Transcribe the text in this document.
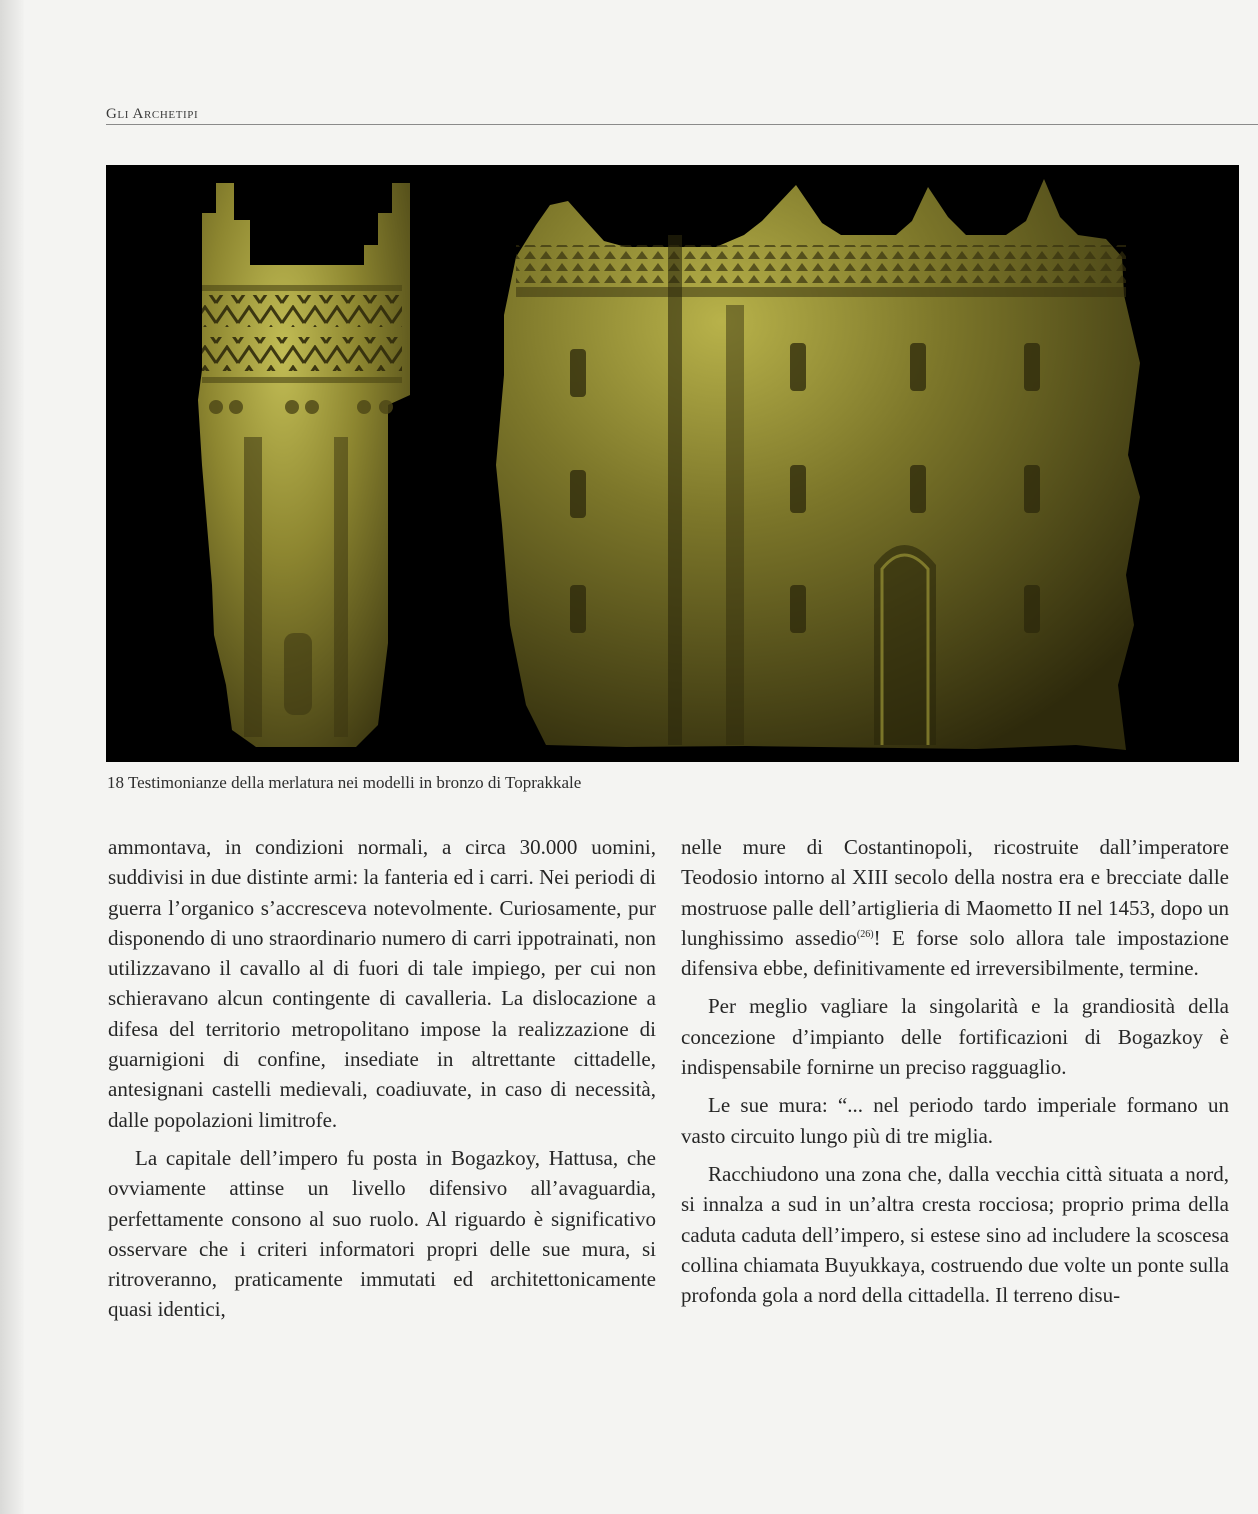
Gli Archetipi
18 Testimonianze della merlatura nei modelli in bronzo di Toprakkale

ammontava, in condizioni normali, a circa 30.000 uomini, suddivisi in due distinte armi: la fanteria ed i carri. Nei periodi di guerra l’organico s’accresceva notevolmente. Curiosamente, pur disponendo di uno straordinario numero di carri ippotrainati, non utilizzavano il cavallo al di fuori di tale impiego, per cui non schieravano alcun contingente di cavalleria. La dislocazione a difesa del territorio metropolitano impose la realizzazione di guarnigioni di confine, insediate in altrettante cittadelle, antesignani castelli medievali, coadiuvate, in caso di necessità, dalle popolazioni limitrofe.

La capitale dell’impero fu posta in Bogazkoy, Hattusa, che ovviamente attinse un livello difensivo all’avaguardia, perfettamente consono al suo ruolo. Al riguardo è significativo osservare che i criteri informatori propri delle sue mura, si ritroveranno, praticamente immutati ed architettonicamente quasi identici,

nelle mure di Costantinopoli, ricostruite dall’imperatore Teodosio intorno al XIII secolo della nostra era e brecciate dalle mostruose palle dell’artiglieria di Maometto II nel 1453, dopo un lunghissimo assedio$^{(26)}$! E forse solo allora tale impostazione difensiva ebbe, definitivamente ed irreversibilmente, termine.

Per meglio vagliare la singolarità e la grandiosità della concezione d’impianto delle fortificazioni di Bogazkoy è indispensabile fornirne un preciso ragguaglio.

Le sue mura: “... nel periodo tardo imperiale formano un vasto circuito lungo più di tre miglia.

Racchiudono una zona che, dalla vecchia città situata a nord, si innalza a sud in un’altra cresta rocciosa; proprio prima della caduta caduta dell’impero, si estese sino ad includere la scoscesa collina chiamata Buyukkaya, costruendo due volte un ponte sulla profonda gola a nord della cittadella. Il terreno disu-
